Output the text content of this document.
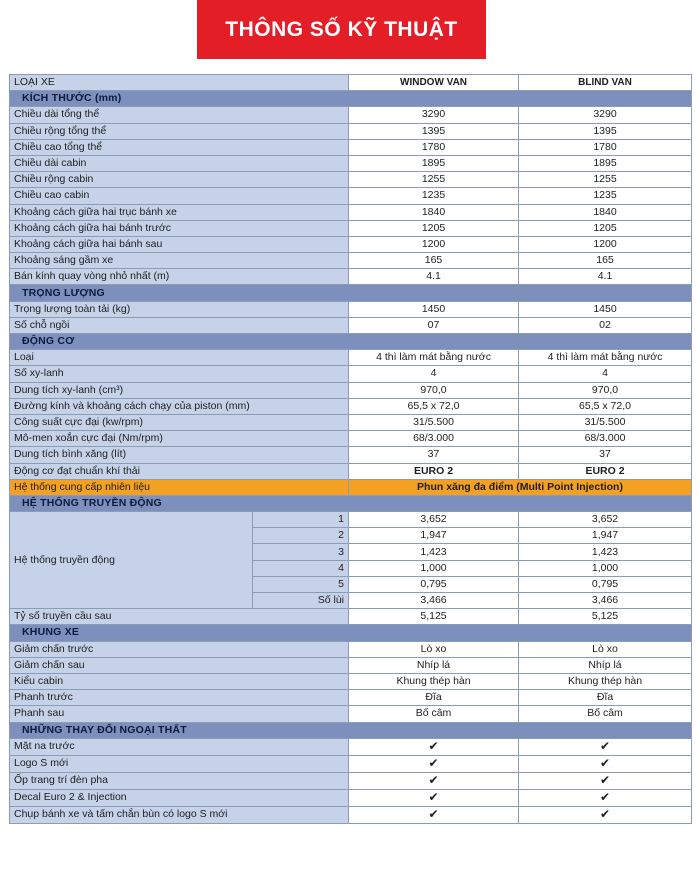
THÔNG SỐ KỸ THUẬT
LOẠI XE		WINDOW VAN	BLIND VAN
KÍCH THƯỚC (mm)			
Chiều dài tổng thể		3290	3290
Chiều rộng tổng thể		1395	1395
Chiều cao tổng thể		1780	1780
Chiều dài cabin		1895	1895
Chiều rộng cabin		1255	1255
Chiều cao cabin		1235	1235
Khoảng cách giữa hai trục bánh xe		1840	1840
Khoảng cách giữa hai bánh trước		1205	1205
Khoảng cách giữa hai bánh sau		1200	1200
Khoảng sáng gầm xe		165	165
Bán kính quay vòng nhỏ nhất (m)		4.1	4.1
TRỌNG LƯỢNG			
Trọng lượng toàn tải (kg)		1450	1450
Số chỗ ngồi		07	02
ĐỘNG CƠ			
Loại		4 thì làm mát bằng nước	4 thì làm mát bằng nước
Số xy-lanh		4	4
Dung tích xy-lanh (cm³)		970,0	970,0
Đường kính và khoảng cách chạy của piston (mm)		65,5 x 72,0	65,5 x 72,0
Công suất cực đại (kw/rpm)		31/5.500	31/5.500
Mô-men xoắn cực đại (Nm/rpm)		68/3.000	68/3.000
Dung tích bình xăng (lít)		37	37
Động cơ đạt chuẩn khí thải		EURO 2	EURO 2
Hệ thống cung cấp nhiên liệu		Phun xăng đa điểm (Multi Point Injection)	
HỆ THỐNG TRUYỀN ĐỘNG			
Hệ thống truyền động	1	3,652	3,652
	2	1,947	1,947
	3	1,423	1,423
	4	1,000	1,000
	5	0,795	0,795
	Số lùi	3,466	3,466
Tỷ số truyền cầu sau		5,125	5,125
KHUNG XE			
Giảm chấn trước		Lò xo	Lò xo
Giảm chấn sau		Nhíp lá	Nhíp lá
Kiểu cabin		Khung thép hàn	Khung thép hàn
Phanh trước		Đĩa	Đĩa
Phanh sau		Bố câm	Bố câm
NHỮNG THAY ĐỔI NGOẠI THẤT			
Mặt na trước		✔	✔
Logo S mới		✔	✔
Ốp trang trí đèn pha		✔	✔
Decal Euro 2 & Injection		✔	✔
Chụp bánh xe và tấm chắn bùn có logo S mới		✔	✔
